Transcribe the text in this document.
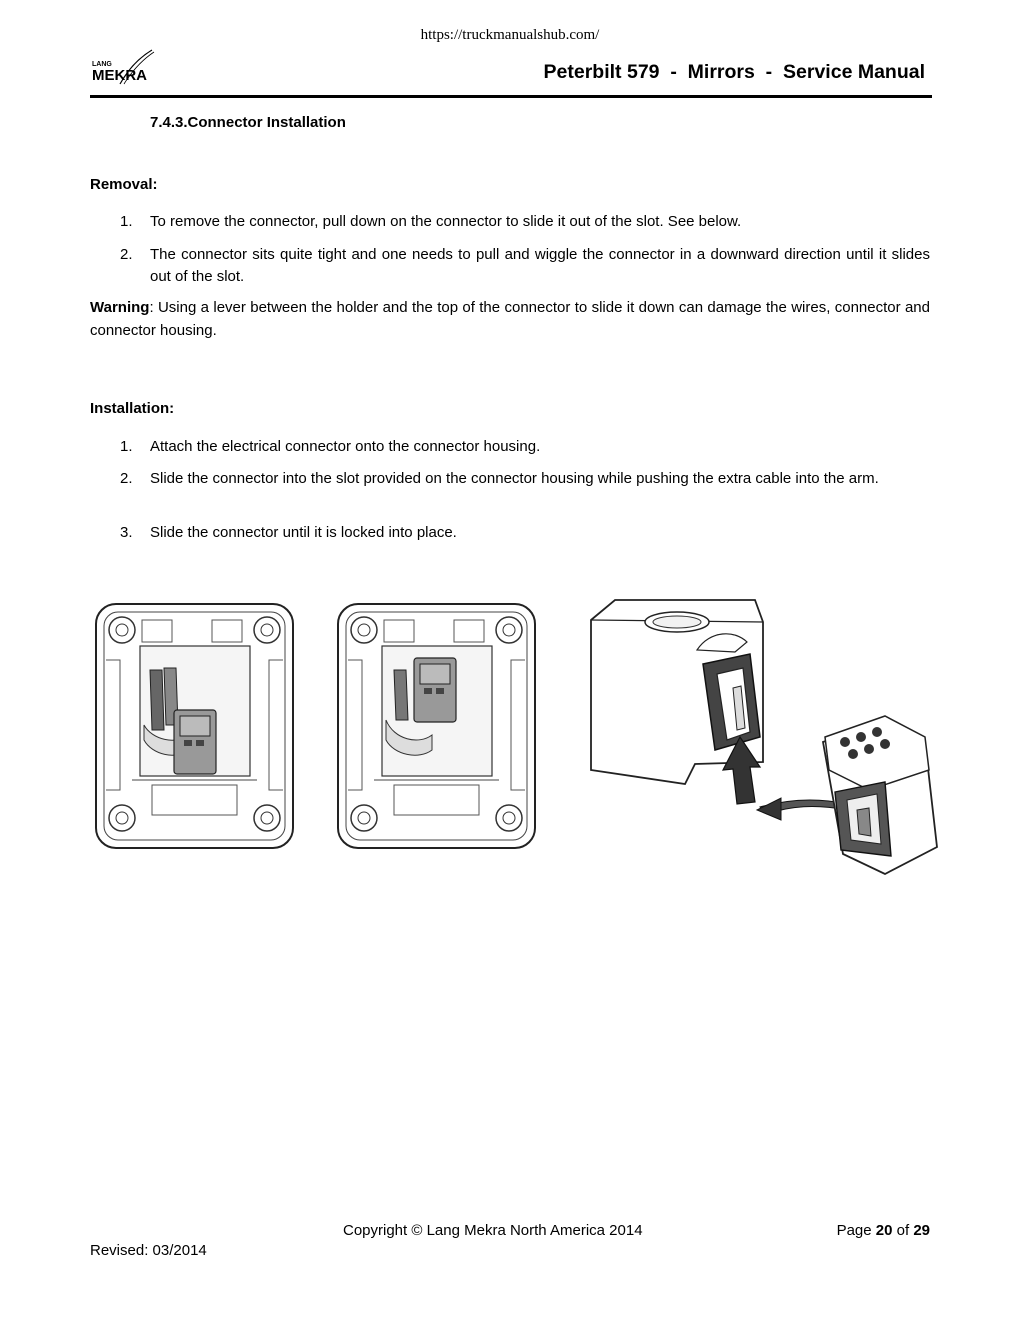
https://truckmanualshub.com/
LANG
MEKRA	Peterbilt 579  -  Mirrors  -  Service Manual
7.4.3.Connector Installation
Removal:
1. To remove the connector, pull down on the connector to slide it out of the slot. See below.
2. The connector sits quite tight and one needs to pull and wiggle the connector in a downward direction until it slides out of the slot.
Warning: Using a lever between the holder and the top of the connector to slide it down can damage the wires, connector and connector housing.
Installation:
1. Attach the electrical connector onto the connector housing.
2. Slide the connector into the slot provided on the connector housing while pushing the extra cable into the arm.
3. Slide the connector until it is locked into place.
Copyright © Lang Mekra North America 2014	Page 20 of 29
Revised: 03/2014
